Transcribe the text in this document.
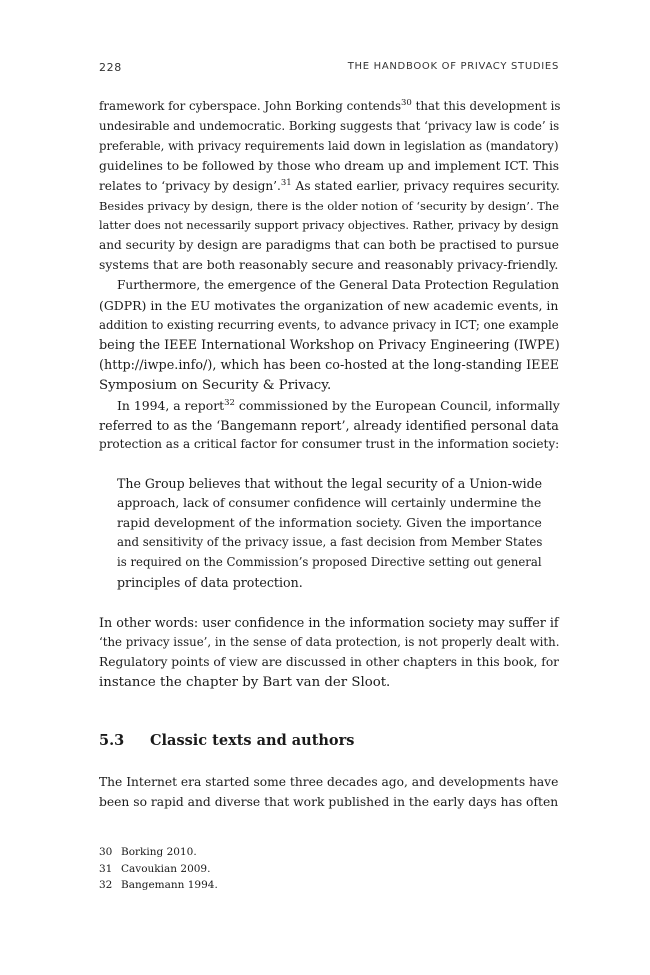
228	THE HANDBOOK OF PRIVACY STUDIES

framework for cyberspace. John Borking contends$^{30}$ that this development is
undesirable and undemocratic. Borking suggests that ‘privacy law is code’ is
preferable, with privacy requirements laid down in legislation as (mandatory)
guidelines to be followed by those who dream up and implement ICT. This
relates to ‘privacy by design’.$^{31}$ As stated earlier, privacy requires security.
Besides privacy by design, there is the older notion of ‘security by design’. The
latter does not necessarily support privacy objectives. Rather, privacy by design
and security by design are paradigms that can both be practised to pursue
systems that are both reasonably secure and reasonably privacy-friendly.

Furthermore, the emergence of the General Data Protection Regulation
(GDPR) in the EU motivates the organization of new academic events, in
addition to existing recurring events, to advance privacy in ICT; one example
being the IEEE International Workshop on Privacy Engineering (IWPE)
(http://iwpe.info/), which has been co-hosted at the long-standing IEEE
Symposium on Security & Privacy.

In 1994, a report$^{32}$ commissioned by the European Council, informally
referred to as the ‘Bangemann report’, already identified personal data
protection as a critical factor for consumer trust in the information society:

The Group believes that without the legal security of a Union-wide
approach, lack of consumer confidence will certainly undermine the
rapid development of the information society. Given the importance
and sensitivity of the privacy issue, a fast decision from Member States
is required on the Commission’s proposed Directive setting out general
principles of data protection.

In other words: user confidence in the information society may suffer if
‘the privacy issue’, in the sense of data protection, is not properly dealt with.
Regulatory points of view are discussed in other chapters in this book, for
instance the chapter by Bart van der Sloot.

5.3 Classic texts and authors

The Internet era started some three decades ago, and developments have
been so rapid and diverse that work published in the early days has often

30 Borking 2010.
31 Cavoukian 2009.
32 Bangemann 1994.
